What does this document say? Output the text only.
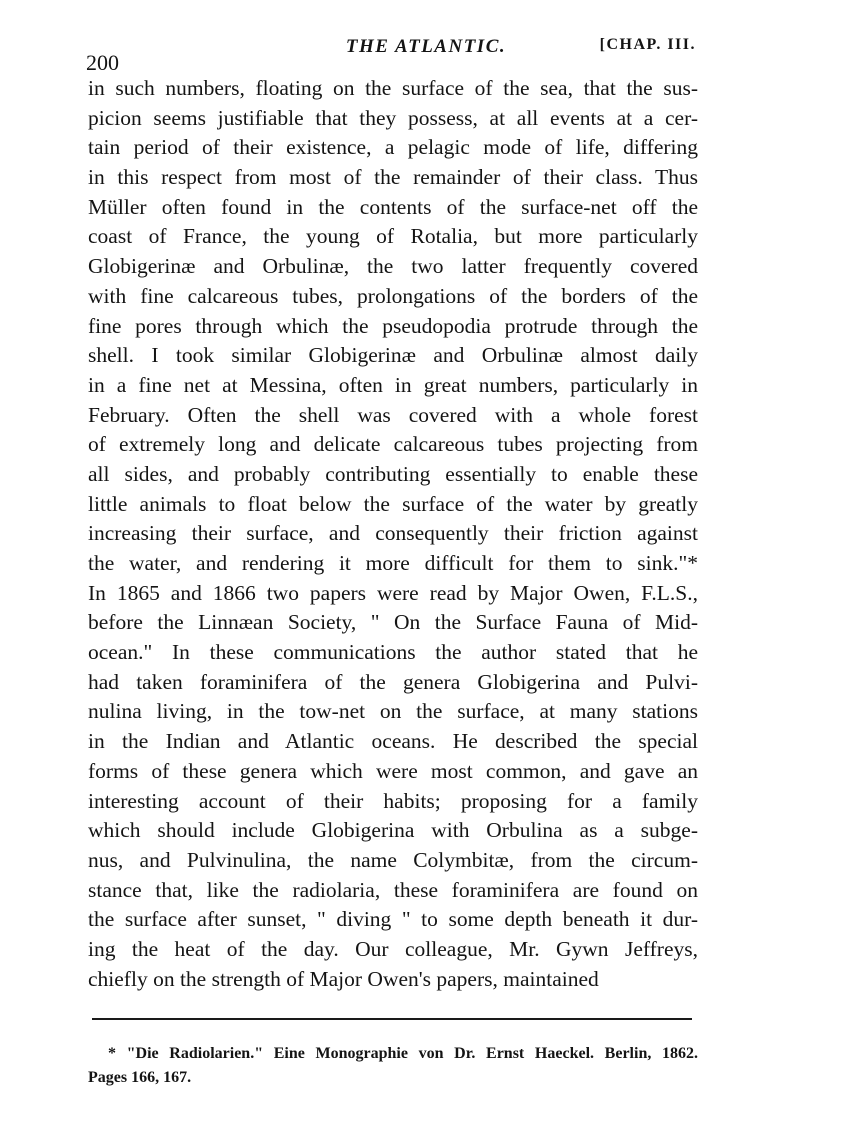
200
THE ATLANTIC.	[CHAP. III.
in such numbers, floating on the surface of the sea, that the sus-
picion seems justifiable that they possess, at all events at a cer-
tain period of their existence, a pelagic mode of life, differing
in this respect from most of the remainder of their class. Thus
Müller often found in the contents of the surface-net off the
coast of France, the young of Rotalia, but more particularly
Globigerinæ and Orbulinæ, the two latter frequently covered
with fine calcareous tubes, prolongations of the borders of the
fine pores through which the pseudopodia protrude through the
shell. I took similar Globigerinæ and Orbulinæ almost daily
in a fine net at Messina, often in great numbers, particularly in
February. Often the shell was covered with a whole forest
of extremely long and delicate calcareous tubes projecting from
all sides, and probably contributing essentially to enable these
little animals to float below the surface of the water by greatly
increasing their surface, and consequently their friction against
the water, and rendering it more difficult for them to sink."*
In 1865 and 1866 two papers were read by Major Owen, F.L.S.,
before the Linnæan Society, " On the Surface Fauna of Mid-
ocean." In these communications the author stated that he
had taken foraminifera of the genera Globigerina and Pulvi-
nulina living, in the tow-net on the surface, at many stations
in the Indian and Atlantic oceans. He described the special
forms of these genera which were most common, and gave an
interesting account of their habits; proposing for a family
which should include Globigerina with Orbulina as a subge-
nus, and Pulvinulina, the name Colymbitæ, from the circum-
stance that, like the radiolaria, these foraminifera are found on
the surface after sunset, " diving " to some depth beneath it dur-
ing the heat of the day. Our colleague, Mr. Gywn Jeffreys,
chiefly on the strength of Major Owen's papers, maintained
* "Die Radiolarien." Eine Monographie von Dr. Ernst Haeckel. Berlin, 1862.
Pages 166, 167.
